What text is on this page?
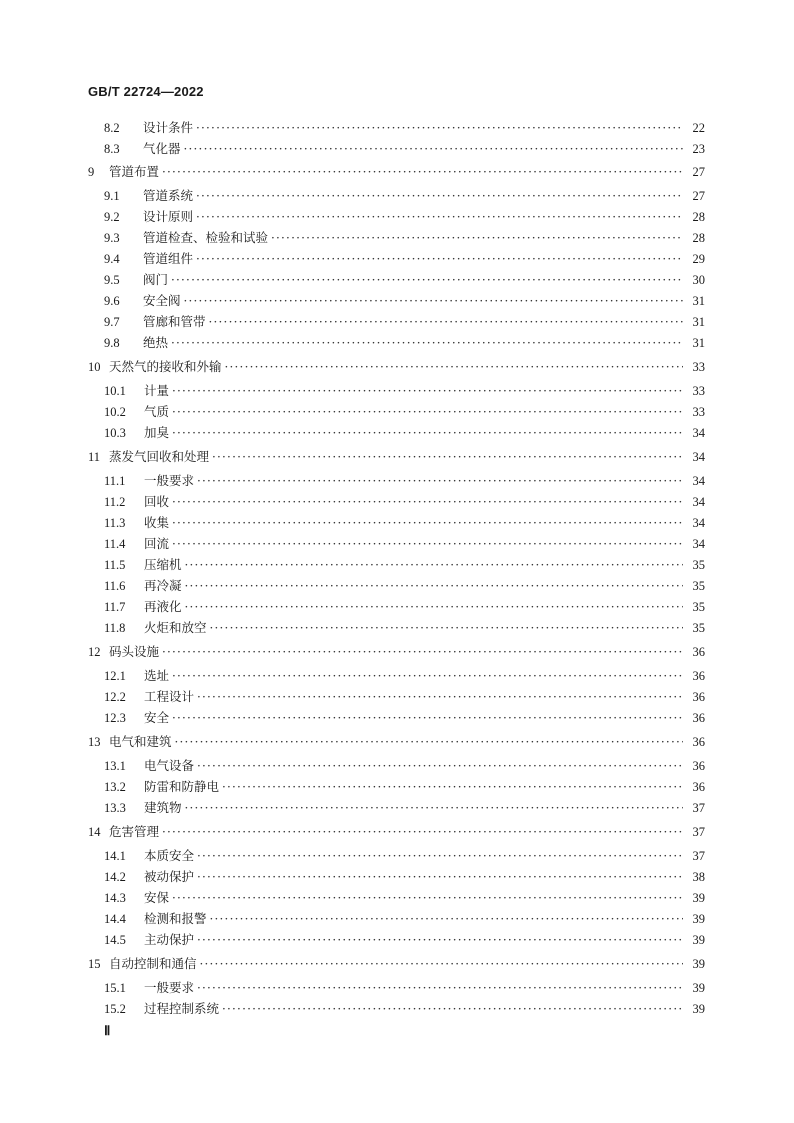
GB/T 22724—2022
8.2	设计条件 ·····	22
8.3	气化器 ·····	23
9	管道布置 ·····	27
9.1	管道系统 ·····	27
9.2	设计原则 ·····	28
9.3	管道检查、检验和试验 ·····	28
9.4	管道组件 ·····	29
9.5	阀门 ·····	30
9.6	安全阀 ·····	31
9.7	管廊和管带 ·····	31
9.8	绝热 ·····	31
10 天然气的接收和外输 ·····	33
10.1	计量 ·····	33
10.2	气质 ·····	33
10.3	加臭 ·····	34
11 蒸发气回收和处理 ·····	34
11.1	一般要求 ·····	34
11.2	回收 ·····	34
11.3	收集 ·····	34
11.4	回流 ·····	34
11.5	压缩机 ·····	35
11.6	再冷凝 ·····	35
11.7	再液化 ·····	35
11.8	火炬和放空 ·····	35
12 码头设施 ·····	36
12.1	选址 ·····	36
12.2	工程设计 ·····	36
12.3	安全 ·····	36
13 电气和建筑 ·····	36
13.1	电气设备 ·····	36
13.2	防雷和防静电 ·····	36
13.3	建筑物 ·····	37
14 危害管理 ·····	37
14.1	本质安全 ·····	37
14.2	被动保护 ·····	38
14.3	安保 ·····	39
14.4	检测和报警 ·····	39
14.5	主动保护 ·····	39
15 自动控制和通信 ·····	39
15.1	一般要求 ·····	39
15.2	过程控制系统 ·····	39
Ⅱ
